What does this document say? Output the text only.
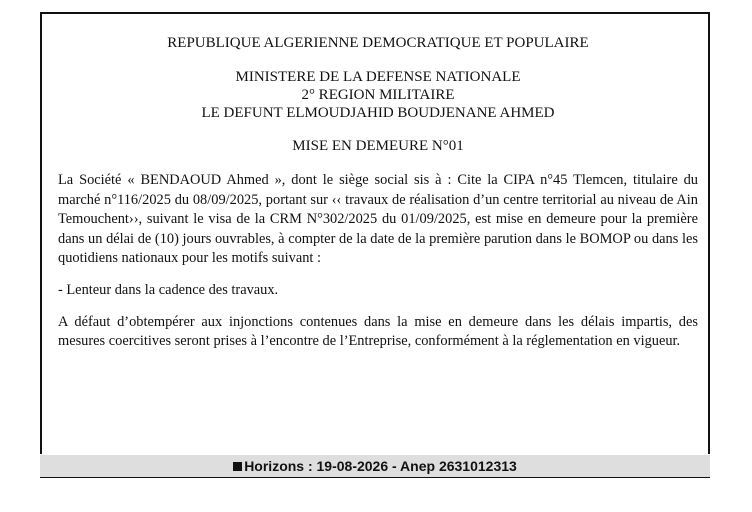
REPUBLIQUE ALGERIENNE DEMOCRATIQUE ET POPULAIRE

MINISTERE DE LA DEFENSE NATIONALE

2° REGION MILITAIRE

LE DEFUNT ELMOUDJAHID BOUDJENANE AHMED

MISE EN DEMEURE N°01

La Société « BENDAOUD Ahmed », dont le siège social sis à : Cite la CIPA n°45 Tlemcen, titulaire du marché n°116/2025 du 08/09/2025, portant sur ‹‹ travaux de réalisation d’un centre territorial au niveau de Ain Temouchent››, suivant le visa de la CRM N°302/2025 du 01/09/2025, est mise en demeure pour la première dans un délai de (10) jours ouvrables, à compter de la date de la première parution dans le BOMOP ou dans les quotidiens nationaux pour les motifs suivant :

- Lenteur dans la cadence des travaux.

A défaut d’obtempérer aux injonctions contenues dans la mise en demeure dans les délais impartis, des mesures coercitives seront prises à l’encontre de l’Entreprise, conformément à la réglementation en vigueur.

Horizons : 19-08-2026 - Anep 2631012313
